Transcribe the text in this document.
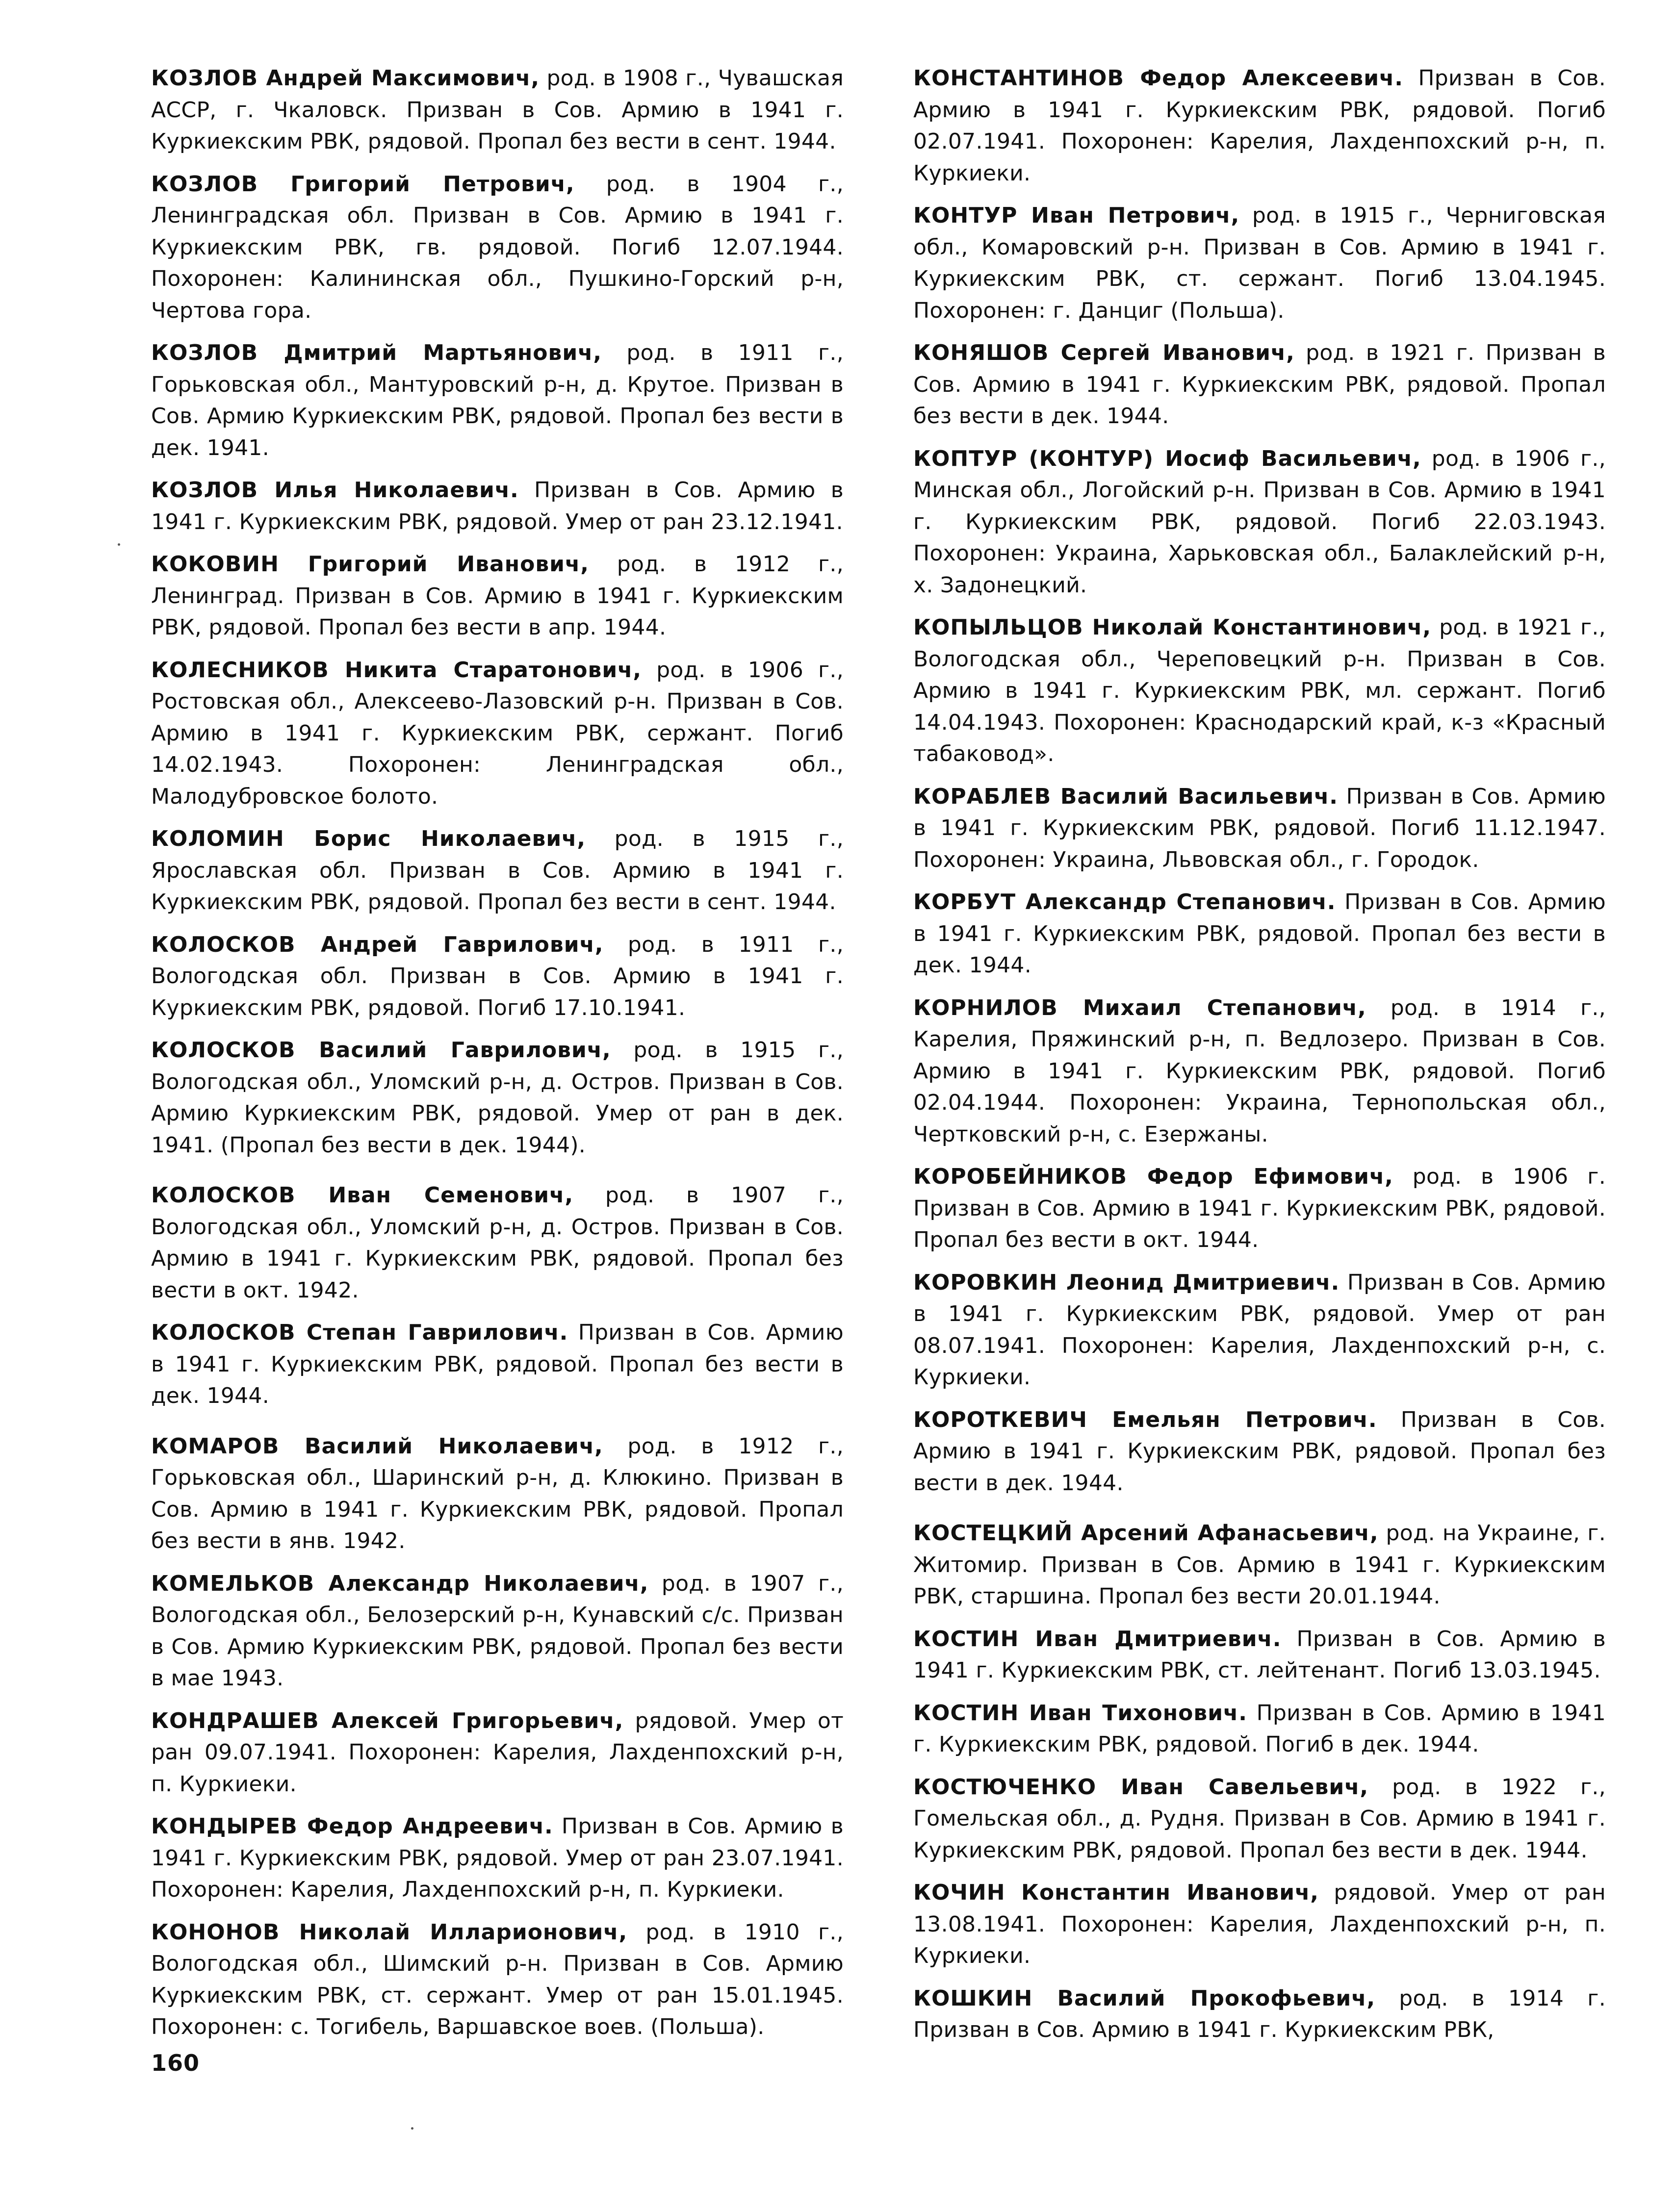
КОЗЛОВ Андрей Максимович, род. в 1908 г., Чувашская АССР, г. Чкаловск. Призван в Сов. Армию в 1941 г. Куркиекским РВК, рядовой. Пропал без вести в сент. 1944.

КОЗЛОВ Григорий Петрович, род. в 1904 г., Ленинградская обл. Призван в Сов. Армию в 1941 г. Куркиекским РВК, гв. рядовой. Погиб 12.07.1944. Похоронен: Калининская обл., Пушкино-Горский р-н, Чертова гора.

КОЗЛОВ Дмитрий Мартьянович, род. в 1911 г., Горьковская обл., Мантуровский р-н, д. Крутое. Призван в Сов. Армию Куркиекским РВК, рядовой. Пропал без вести в дек. 1941.

КОЗЛОВ Илья Николаевич. Призван в Сов. Армию в 1941 г. Куркиекским РВК, рядовой. Умер от ран 23.12.1941.

КОКОВИН Григорий Иванович, род. в 1912 г., Ленинград. Призван в Сов. Армию в 1941 г. Куркиекским РВК, рядовой. Пропал без вести в апр. 1944.

КОЛЕСНИКОВ Никита Старатонович, род. в 1906 г., Ростовская обл., Алексеево-Лазовский р-н. Призван в Сов. Армию в 1941 г. Куркиекским РВК, сержант. Погиб 14.02.1943. Похоронен: Ленинградская обл., Малодубровское болото.

КОЛОМИН Борис Николаевич, род. в 1915 г., Ярославская обл. Призван в Сов. Армию в 1941 г. Куркиекским РВК, рядовой. Пропал без вести в сент. 1944.

КОЛОСКОВ Андрей Гаврилович, род. в 1911 г., Вологодская обл. Призван в Сов. Армию в 1941 г. Куркиекским РВК, рядовой. Погиб 17.10.1941.

КОЛОСКОВ Василий Гаврилович, род. в 1915 г., Вологодская обл., Уломский р-н, д. Остров. Призван в Сов. Армию Куркиекским РВК, рядовой. Умер от ран в дек. 1941. (Пропал без вести в дек. 1944).

КОЛОСКОВ Иван Семенович, род. в 1907 г., Вологодская обл., Уломский р-н, д. Остров. Призван в Сов. Армию в 1941 г. Куркиекским РВК, рядовой. Пропал без вести в окт. 1942.

КОЛОСКОВ Степан Гаврилович. Призван в Сов. Армию в 1941 г. Куркиекским РВК, рядовой. Пропал без вести в дек. 1944.

КОМАРОВ Василий Николаевич, род. в 1912 г., Горьковская обл., Шаринский р-н, д. Клюкино. Призван в Сов. Армию в 1941 г. Куркиекским РВК, рядовой. Пропал без вести в янв. 1942.

КОМЕЛЬКОВ Александр Николаевич, род. в 1907 г., Вологодская обл., Белозерский р-н, Кунавский с/с. Призван в Сов. Армию Куркиекским РВК, рядовой. Пропал без вести в мае 1943.

КОНДРАШЕВ Алексей Григорьевич, рядовой. Умер от ран 09.07.1941. Похоронен: Карелия, Лахденпохский р-н, п. Куркиеки.

КОНДЫРЕВ Федор Андреевич. Призван в Сов. Армию в 1941 г. Куркиекским РВК, рядовой. Умер от ран 23.07.1941. Похоронен: Карелия, Лахденпохский р-н, п. Куркиеки.

КОНОНОВ Николай Илларионович, род. в 1910 г., Вологодская обл., Шимский р-н. Призван в Сов. Армию Куркиекским РВК, ст. сержант. Умер от ран 15.01.1945. Похоронен: с. Тогибель, Варшавское воев. (Польша).

КОНСТАНТИНОВ Федор Алексеевич. Призван в Сов. Армию в 1941 г. Куркиекским РВК, рядовой. Погиб 02.07.1941. Похоронен: Карелия, Лахденпохский р-н, п. Куркиеки.

КОНТУР Иван Петрович, род. в 1915 г., Черниговская обл., Комаровский р-н. Призван в Сов. Армию в 1941 г. Куркиекским РВК, ст. сержант. Погиб 13.04.1945. Похоронен: г. Данциг (Польша).

КОНЯШОВ Сергей Иванович, род. в 1921 г. Призван в Сов. Армию в 1941 г. Куркиекским РВК, рядовой. Пропал без вести в дек. 1944.

КОПТУР (КОНТУР) Иосиф Васильевич, род. в 1906 г., Минская обл., Логойский р-н. Призван в Сов. Армию в 1941 г. Куркиекским РВК, рядовой. Погиб 22.03.1943. Похоронен: Украина, Харьковская обл., Балаклейский р-н, х. Задонецкий.

КОПЫЛЬЦОВ Николай Константинович, род. в 1921 г., Вологодская обл., Череповецкий р-н. Призван в Сов. Армию в 1941 г. Куркиекским РВК, мл. сержант. Погиб 14.04.1943. Похоронен: Краснодарский край, к-з «Красный табаковод».

КОРАБЛЕВ Василий Васильевич. Призван в Сов. Армию в 1941 г. Куркиекским РВК, рядовой. Погиб 11.12.1947. Похоронен: Украина, Львовская обл., г. Городок.

КОРБУТ Александр Степанович. Призван в Сов. Армию в 1941 г. Куркиекским РВК, рядовой. Пропал без вести в дек. 1944.

КОРНИЛОВ Михаил Степанович, род. в 1914 г., Карелия, Пряжинский р-н, п. Ведлозеро. Призван в Сов. Армию в 1941 г. Куркиекским РВК, рядовой. Погиб 02.04.1944. Похоронен: Украина, Тернопольская обл., Чертковский р-н, с. Езержаны.

КОРОБЕЙНИКОВ Федор Ефимович, род. в 1906 г. Призван в Сов. Армию в 1941 г. Куркиекским РВК, рядовой. Пропал без вести в окт. 1944.

КОРОВКИН Леонид Дмитриевич. Призван в Сов. Армию в 1941 г. Куркиекским РВК, рядовой. Умер от ран 08.07.1941. Похоронен: Карелия, Лахденпохский р-н, с. Куркиеки.

КОРОТКЕВИЧ Емельян Петрович. Призван в Сов. Армию в 1941 г. Куркиекским РВК, рядовой. Пропал без вести в дек. 1944.

КОСТЕЦКИЙ Арсений Афанасьевич, род. на Украине, г. Житомир. Призван в Сов. Армию в 1941 г. Куркиекским РВК, старшина. Пропал без вести 20.01.1944.

КОСТИН Иван Дмитриевич. Призван в Сов. Армию в 1941 г. Куркиекским РВК, ст. лейтенант. Погиб 13.03.1945.

КОСТИН Иван Тихонович. Призван в Сов. Армию в 1941 г. Куркиекским РВК, рядовой. Погиб в дек. 1944.

КОСТЮЧЕНКО Иван Савельевич, род. в 1922 г., Гомельская обл., д. Рудня. Призван в Сов. Армию в 1941 г. Куркиекским РВК, рядовой. Пропал без вести в дек. 1944.

КОЧИН Константин Иванович, рядовой. Умер от ран 13.08.1941. Похоронен: Карелия, Лахденпохский р-н, п. Куркиеки.

КОШКИН Василий Прокофьевич, род. в 1914 г. Призван в Сов. Армию в 1941 г. Куркиекским РВК,

160
